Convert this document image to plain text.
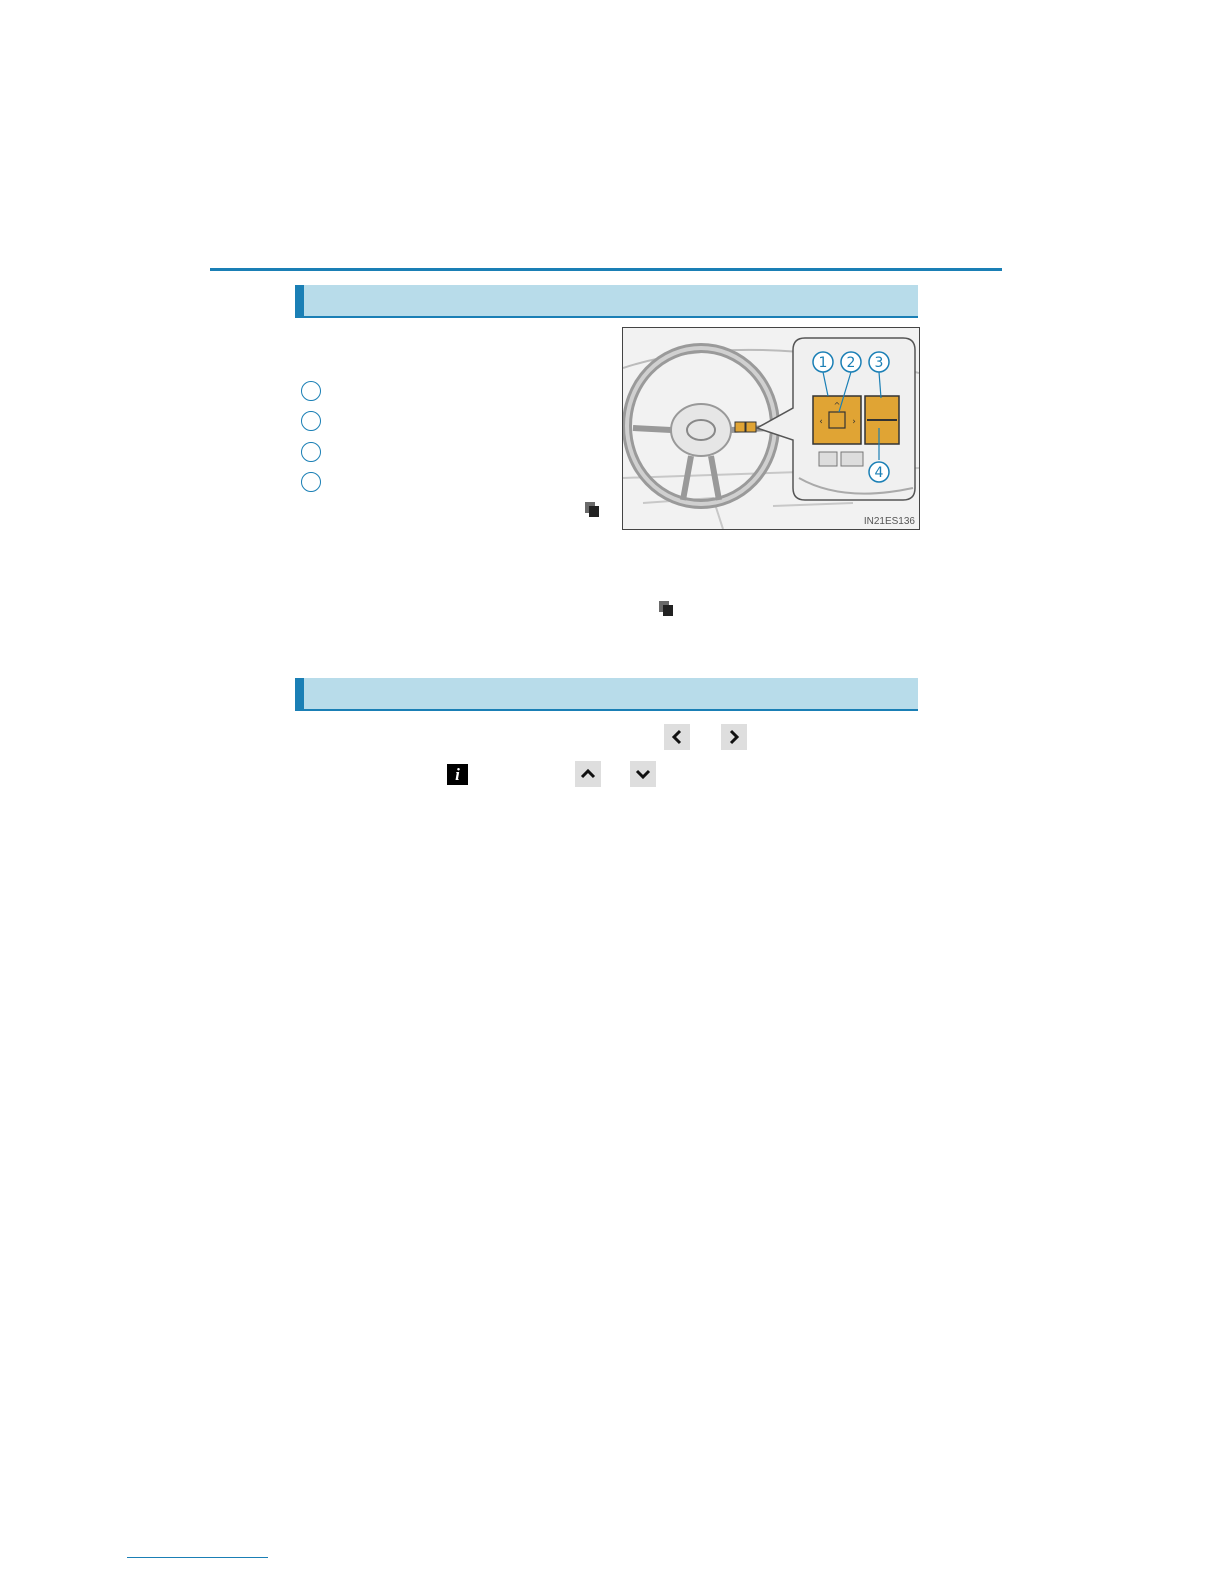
^
‹	›
1 2 3
4
IN21ES136
i
